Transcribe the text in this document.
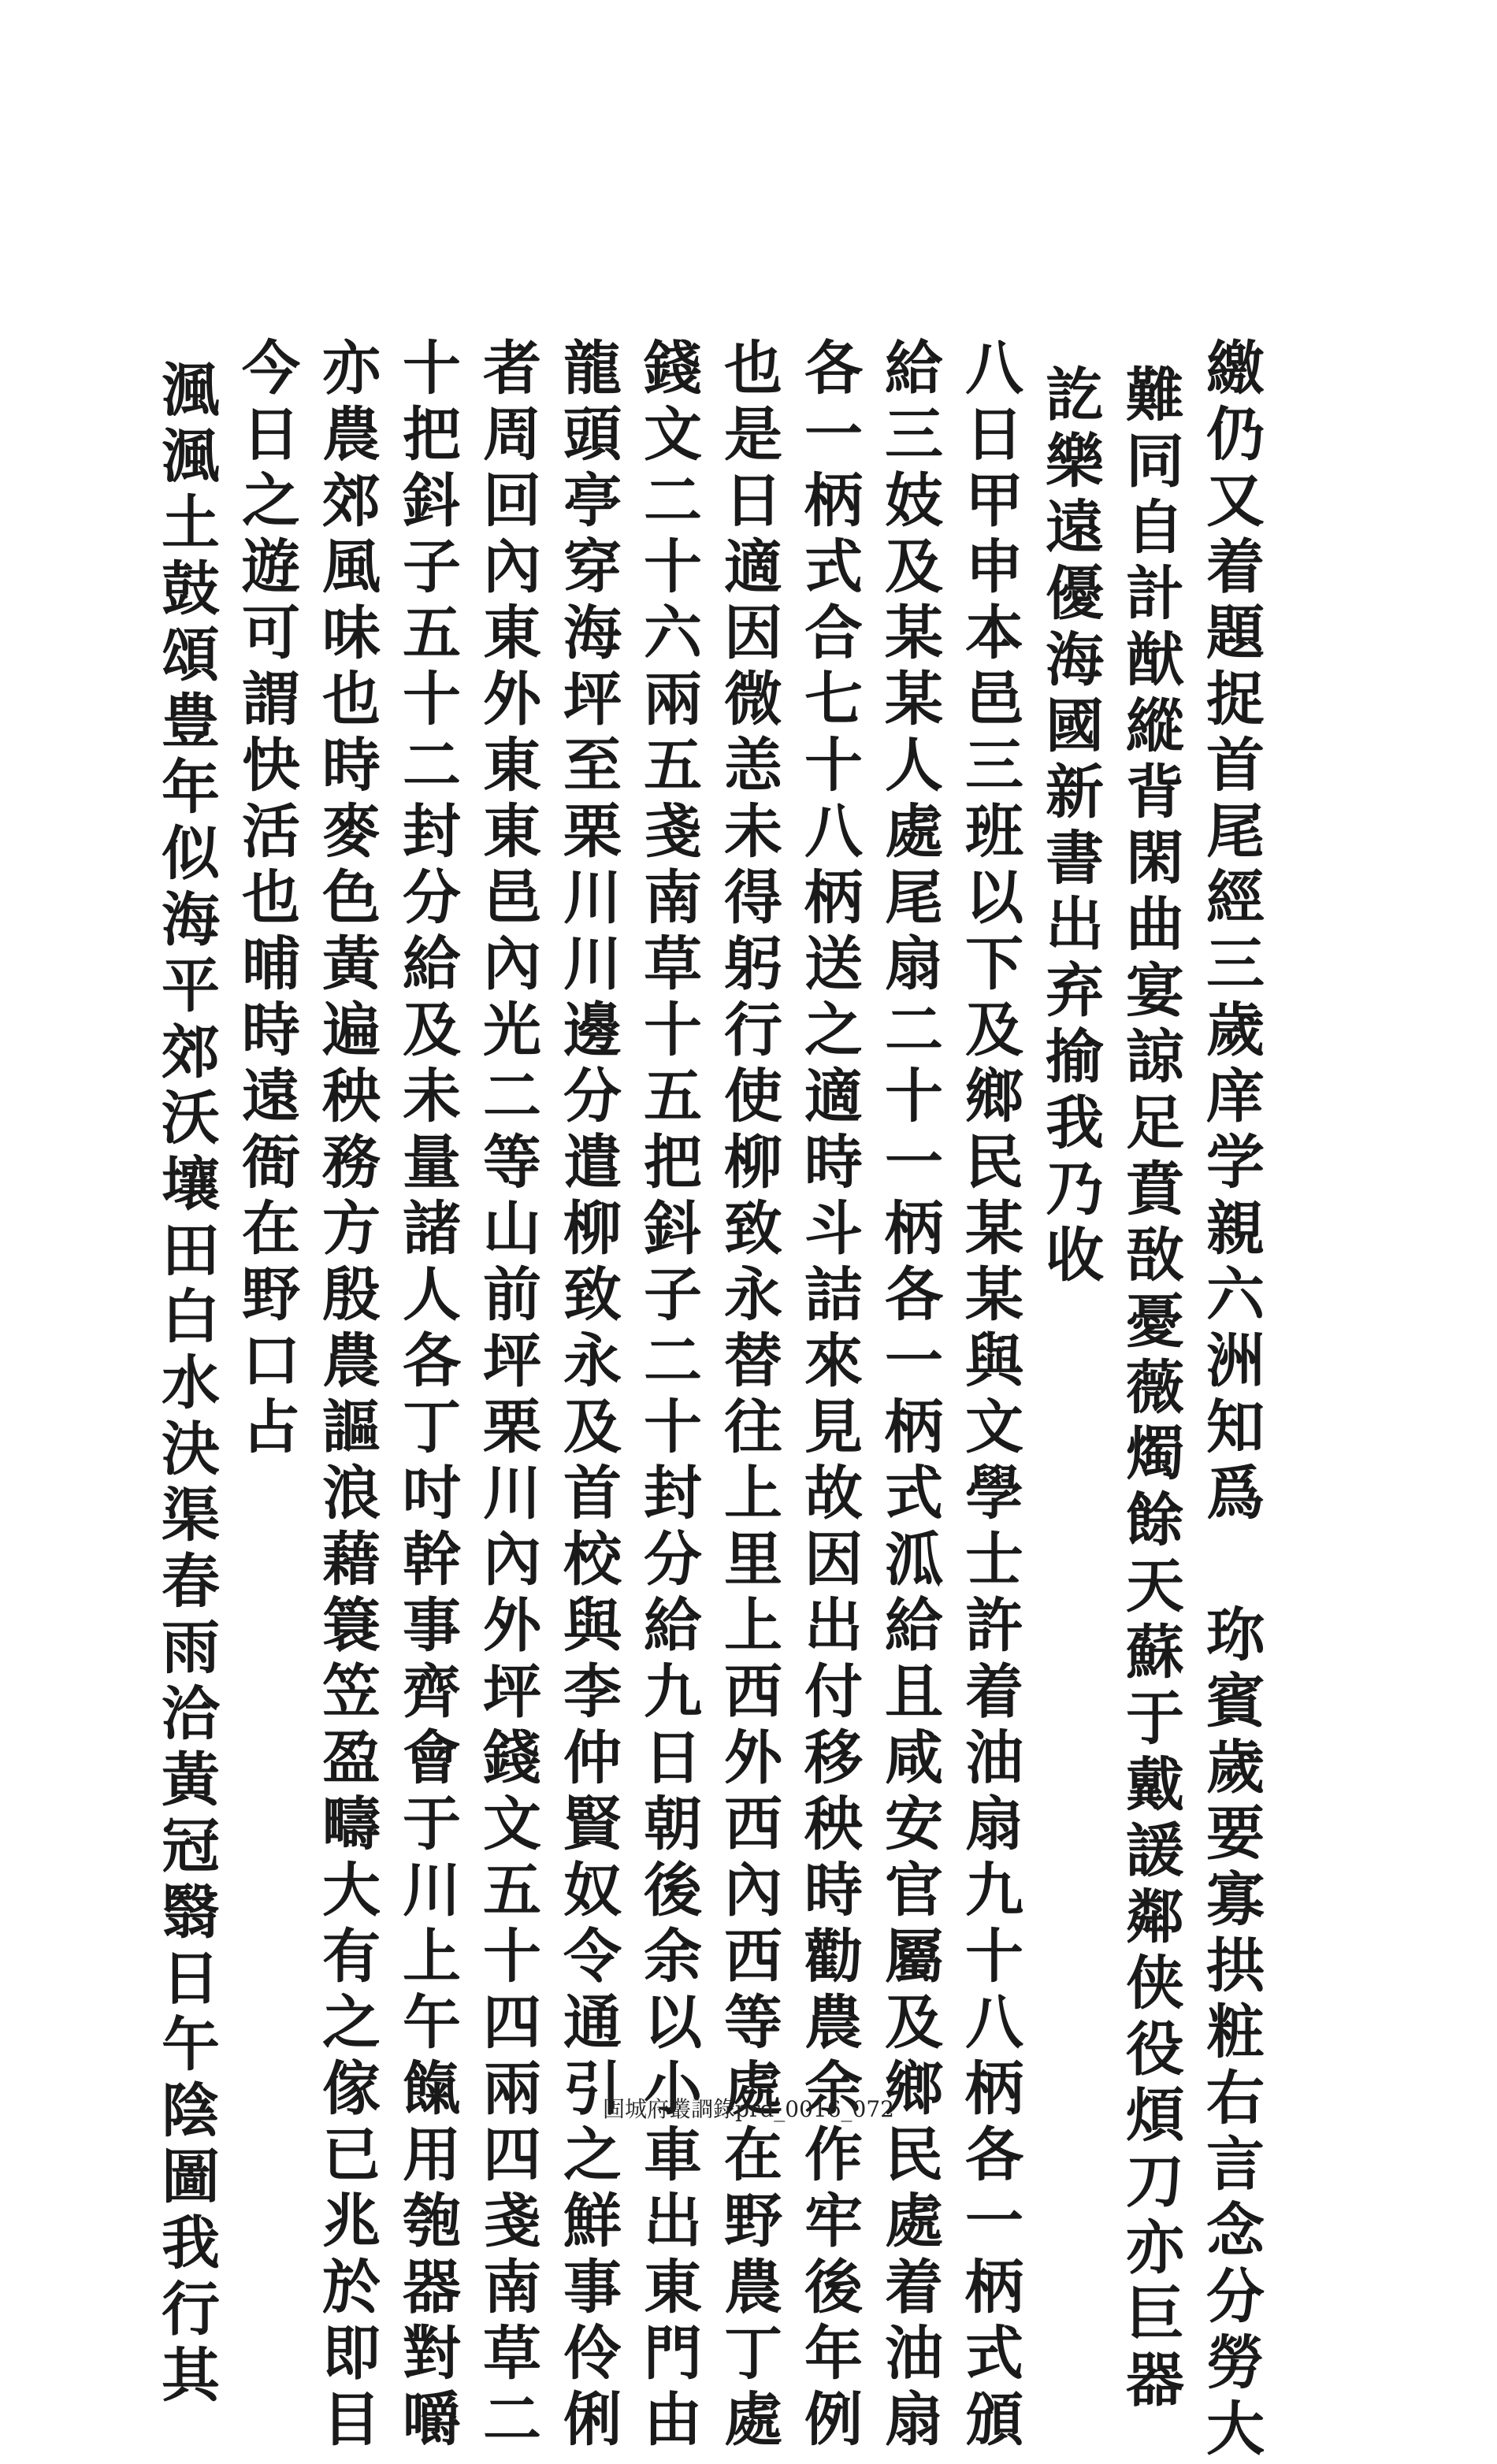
繳仍又着題捉首尾經三歲庠学親六洲知爲 珎賓歲要寡拱粧右言念分勞大
難同自計猷縱背閑曲宴諒足賁敔憂薇燭餘天蘇于戴諼鄰侠役煩刀亦巨器
訖樂遠優海國新書出弃揄我乃收
八日甲申本邑三班以下及鄉民某某與文學士許着油扇九十八柄各一柄式頒
給三妓及某某人處尾扇二十一柄各一柄式泒給且咸安官屬及鄉民處着油扇
各一柄式合七十八柄送之適時斗詰來見故因出付移秧時勸農余作牢後年例
也是日適因微恙未得躬行使柳致永替往上里上西外西內西等處在野農丁處
錢文二十六兩五戔南草十五把鈄子二十封分給九日朝後余以小車出東門由
龍頭亭穿海坪至栗川川邊分遣柳致永及首校與李仲賢奴令通引之鮮事伶俐
者周回內東外東東邑內光二等山前坪栗川內外坪錢文五十四兩四戔南草二
十把鈄子五十二封分給及未量諸人各丁吋幹事齊會于川上午餼用匏器對嚼
亦農郊風味也時麥色黃遍秧務方殷農謳浪藉簑笠盈疇大有之傢已兆於即目
今日之遊可謂快活也晡時遠衙在野口占
渢渢土鼓頌豊年似海平郊沃壤田白水決渠春雨洽黃冠翳日午陰圖我行其	固城府叢𧨝錄prd_0016_072
